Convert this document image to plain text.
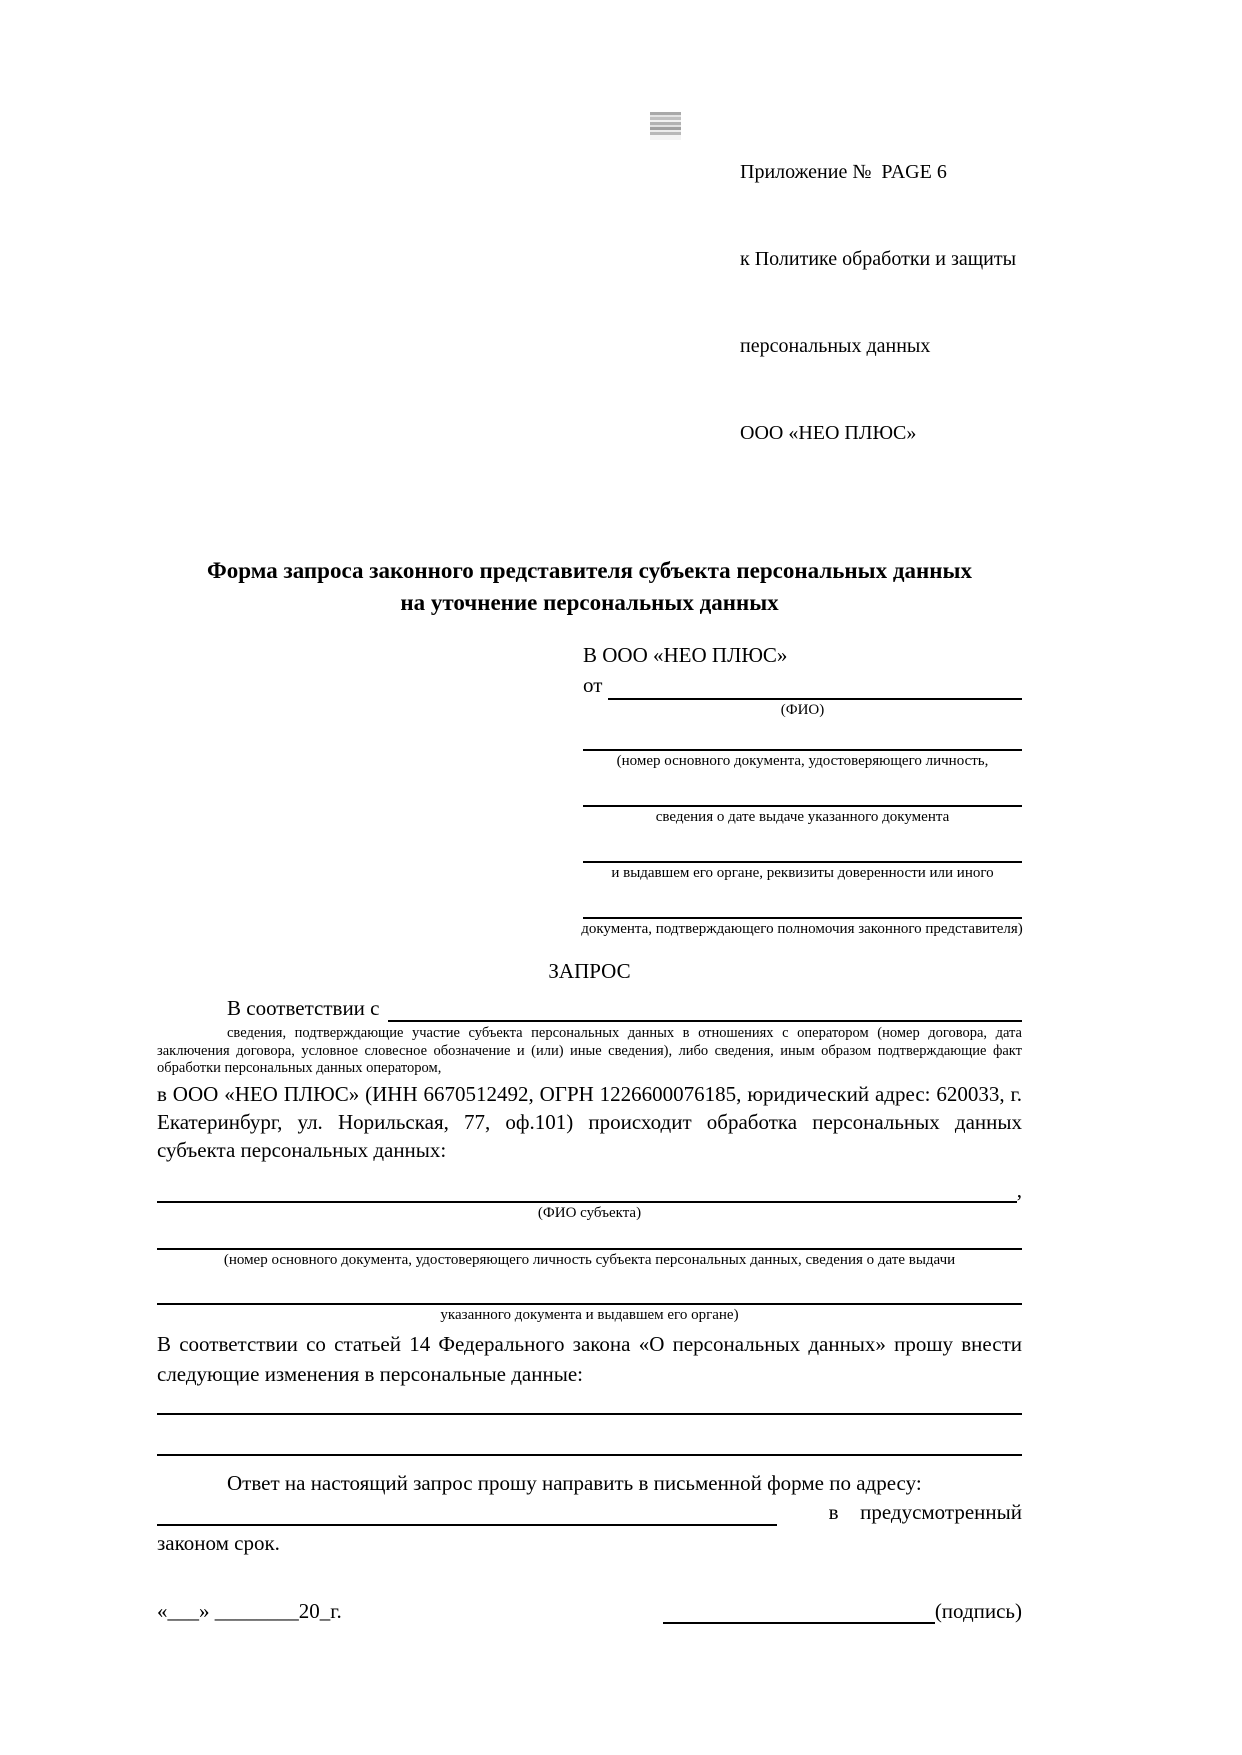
Приложение №  PAGE 6

к Политике обработки и защиты

персональных данных

ООО «НЕО ПЛЮС»

Форма запроса законного представителя субъекта персональных данных
на уточнение персональных данных
В ООО «НЕО ПЛЮС»
от
(ФИО)
(номер основного документа, удостоверяющего личность,
сведения о дате выдаче указанного документа
и выдавшем его органе, реквизиты доверенности или иного
документа, подтверждающего полномочия законного представителя)
ЗАПРОС
В соответствии с
сведения, подтверждающие участие субъекта персональных данных в отношениях с оператором (номер договора, дата заключения договора, условное словесное обозначение и (или) иные сведения), либо сведения, иным образом подтверждающие факт обработки персональных данных оператором,
в ООО «НЕО ПЛЮС» (ИНН 6670512492, ОГРН 1226600076185, юридический адрес: 620033, г. Екатеринбург, ул. Норильская, 77, оф.101) происходит обработка персональных данных субъекта персональных данных:
,
(ФИО субъекта)
(номер основного документа, удостоверяющего личность субъекта персональных данных, сведения о дате выдачи
указанного документа и выдавшем его органе)
В соответствии со статьей 14 Федерального закона «О персональных данных» прошу внести следующие изменения в персональные данные:
Ответ на настоящий запрос прошу направить в письменной форме по адресу:
в предусмотренный
законом срок.
«___» ________20_г.	(подпись)
